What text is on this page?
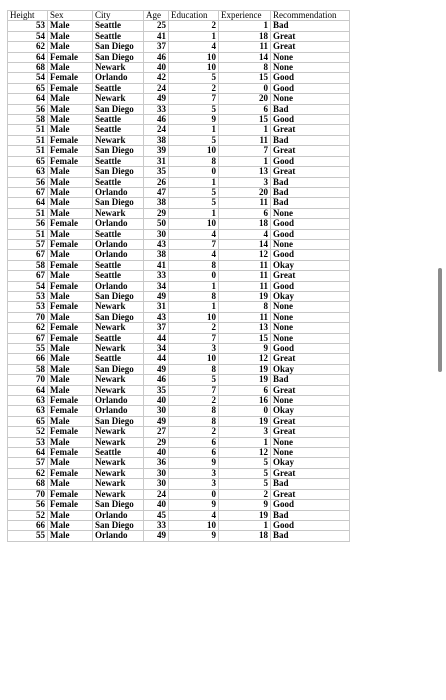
Height	Sex	City	Age	Education	Experience	Recommendation
53	Male	Seattle	25	2	1	Bad
54	Male	Seattle	41	1	18	Great
62	Male	San Diego	37	4	11	Great
64	Female	San Diego	46	10	14	None
68	Male	Newark	40	10	8	None
54	Female	Orlando	42	5	15	Good
65	Female	Seattle	24	2	0	Good
64	Male	Newark	49	7	20	None
56	Male	San Diego	33	5	6	Bad
58	Male	Seattle	46	9	15	Good
51	Male	Seattle	24	1	1	Great
51	Female	Newark	38	5	11	Bad
51	Female	San Diego	39	10	7	Great
65	Female	Seattle	31	8	1	Good
63	Male	San Diego	35	0	13	Great
56	Male	Seattle	26	1	3	Bad
67	Male	Orlando	47	5	20	Bad
64	Male	San Diego	38	5	11	Bad
51	Male	Newark	29	1	6	None
56	Female	Orlando	50	10	18	Good
51	Male	Seattle	30	4	4	Good
57	Female	Orlando	43	7	14	None
67	Male	Orlando	38	4	12	Good
58	Female	Seattle	41	8	11	Okay
67	Male	Seattle	33	0	11	Great
54	Female	Orlando	34	1	11	Good
53	Male	San Diego	49	8	19	Okay
53	Female	Newark	31	1	8	None
70	Male	San Diego	43	10	11	None
62	Female	Newark	37	2	13	None
67	Female	Seattle	44	7	15	None
55	Male	Newark	34	3	9	Good
66	Male	Seattle	44	10	12	Great
58	Male	San Diego	49	8	19	Okay
70	Male	Newark	46	5	19	Bad
64	Male	Newark	35	7	6	Great
63	Female	Orlando	40	2	16	None
63	Female	Orlando	30	8	0	Okay
65	Male	San Diego	49	8	19	Great
52	Female	Newark	27	2	3	Great
53	Male	Newark	29	6	1	None
64	Female	Seattle	40	6	12	None
57	Male	Newark	36	9	5	Okay
62	Female	Newark	30	3	5	Great
68	Male	Newark	30	3	5	Bad
70	Female	Newark	24	0	2	Great
56	Female	San Diego	40	9	9	Good
52	Male	Orlando	45	4	19	Bad
66	Male	San Diego	33	10	1	Good
55	Male	Orlando	49	9	18	Bad
